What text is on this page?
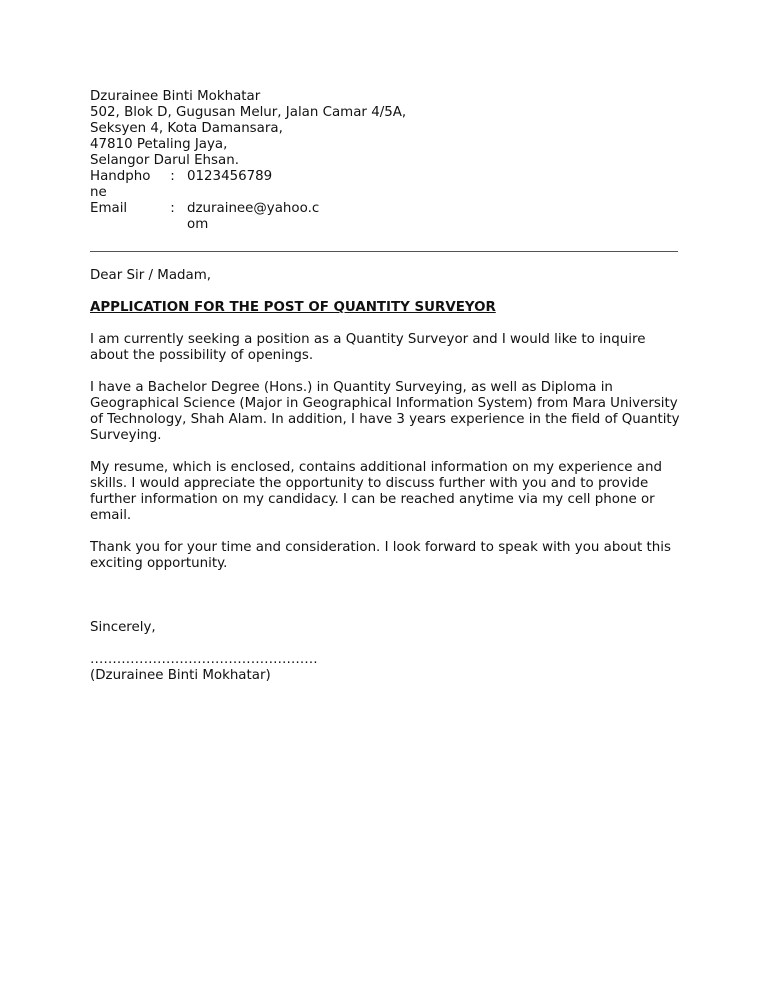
Dzurainee Binti Mokhatar
502, Blok D, Gugusan Melur, Jalan Camar 4/5A,
Seksyen 4, Kota Damansara,
47810 Petaling Jaya,
Selangor Darul Ehsan.
Handphone
: 0123456789
Email	: dzurainee@yahoo.com

Dear Sir / Madam,

APPLICATION FOR THE POST OF QUANTITY SURVEYOR

I am currently seeking a position as a Quantity Surveyor and I would like to inquire about the possibility of openings.

I have a Bachelor Degree (Hons.) in Quantity Surveying, as well as Diploma in Geographical Science (Major in Geographical Information System) from Mara University of Technology, Shah Alam. In addition, I have 3 years experience in the field of Quantity Surveying.

My resume, which is enclosed, contains additional information on my experience and skills. I would appreciate the opportunity to discuss further with you and to provide further information on my candidacy. I can be reached anytime via my cell phone or email.

Thank you for your time and consideration. I look forward to speak with you about this exciting opportunity.

Sincerely,

……………………………………………
(Dzurainee Binti Mokhatar)
